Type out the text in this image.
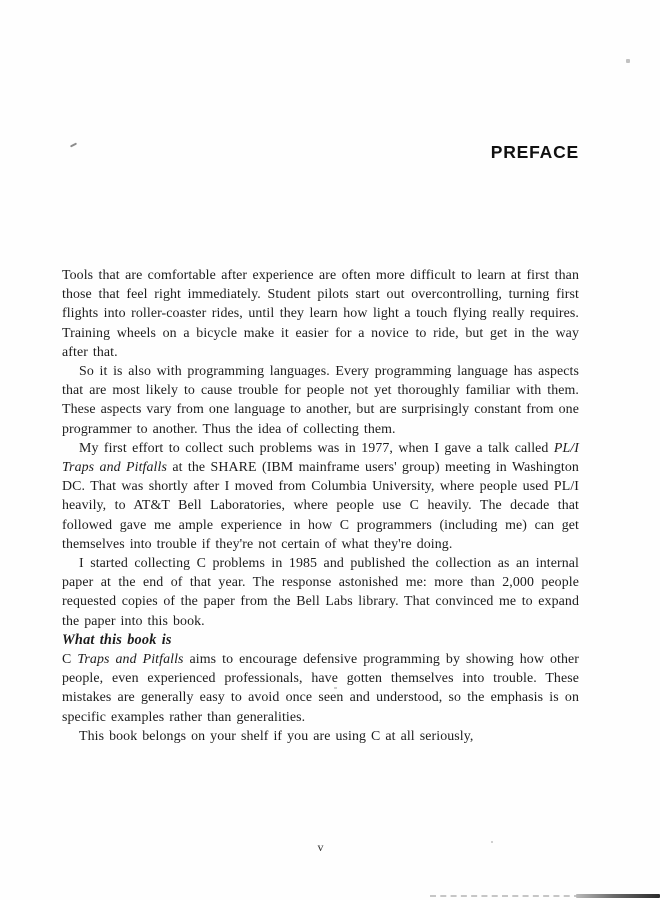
PREFACE

Tools that are comfortable after experience are often more difficult to learn at first than those that feel right immediately. Student pilots start out overcontrolling, turning first flights into roller-coaster rides, until they learn how light a touch flying really requires. Training wheels on a bicycle make it easier for a novice to ride, but get in the way after that.

So it is also with programming languages. Every programming language has aspects that are most likely to cause trouble for people not yet thoroughly familiar with them. These aspects vary from one language to another, but are surprisingly constant from one programmer to another. Thus the idea of collecting them.

My first effort to collect such problems was in 1977, when I gave a talk called PL/I Traps and Pitfalls at the SHARE (IBM mainframe users' group) meeting in Washington DC. That was shortly after I moved from Columbia University, where people used PL/I heavily, to AT&T Bell Laboratories, where people use C heavily. The decade that followed gave me ample experience in how C programmers (including me) can get themselves into trouble if they're not certain of what they're doing.

I started collecting C problems in 1985 and published the collection as an internal paper at the end of that year. The response astonished me: more than 2,000 people requested copies of the paper from the Bell Labs library. That convinced me to expand the paper into this book.

What this book is

C Traps and Pitfalls aims to encourage defensive programming by showing how other people, even experienced professionals, have gotten themselves into trouble. These mistakes are generally easy to avoid once seen and understood, so the emphasis is on specific examples rather than generalities.

This book belongs on your shelf if you are using C at all seriously,

v
